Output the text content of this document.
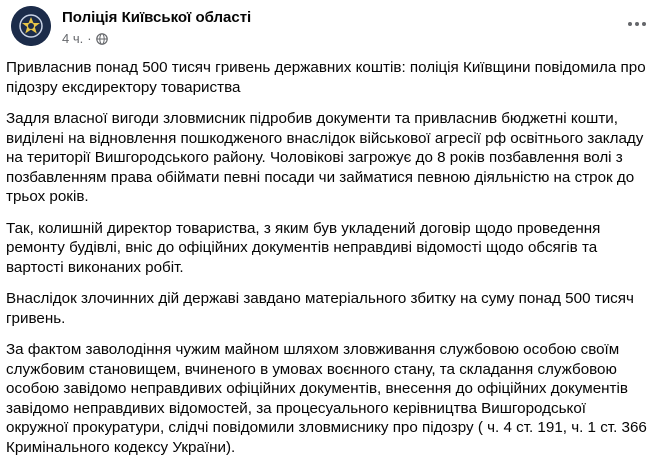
Поліція Київської області
4 ч. ·

Привласнив понад 500 тисяч гривень державних коштів: поліція Київщини повідомила про підозру ексдиректору товариства

Задля власної вигоди зловмисник підробив документи та привласнив бюджетні кошти, виділені на відновлення пошкодженого внаслідок військової агресії рф освітнього закладу на території Вишгородського району. Чоловікові загрожує до 8 років позбавлення волі з позбавленням права обіймати певні посади чи займатися певною діяльністю на строк до трьох років.

Так, колишній директор товариства, з яким був укладений договір щодо проведення ремонту будівлі, вніс до офіційних документів неправдиві відомості щодо обсягів та вартості виконаних робіт.

Внаслідок злочинних дій державі завдано матеріального збитку на суму понад 500 тисяч гривень.

За фактом заволодіння чужим майном шляхом зловживання службовою особою своїм службовим становищем, вчиненого в умовах воєнного стану, та складання службовою особою завідомо неправдивих офіційних документів, внесення до офіційних документів завідомо неправдивих відомостей, за процесуального керівництва Вишгородської окружної прокуратури, слідчі повідомили зловмиснику про підозру ( ч. 4 ст. 191, ч. 1 ст. 366 Кримінального кодексу України).
